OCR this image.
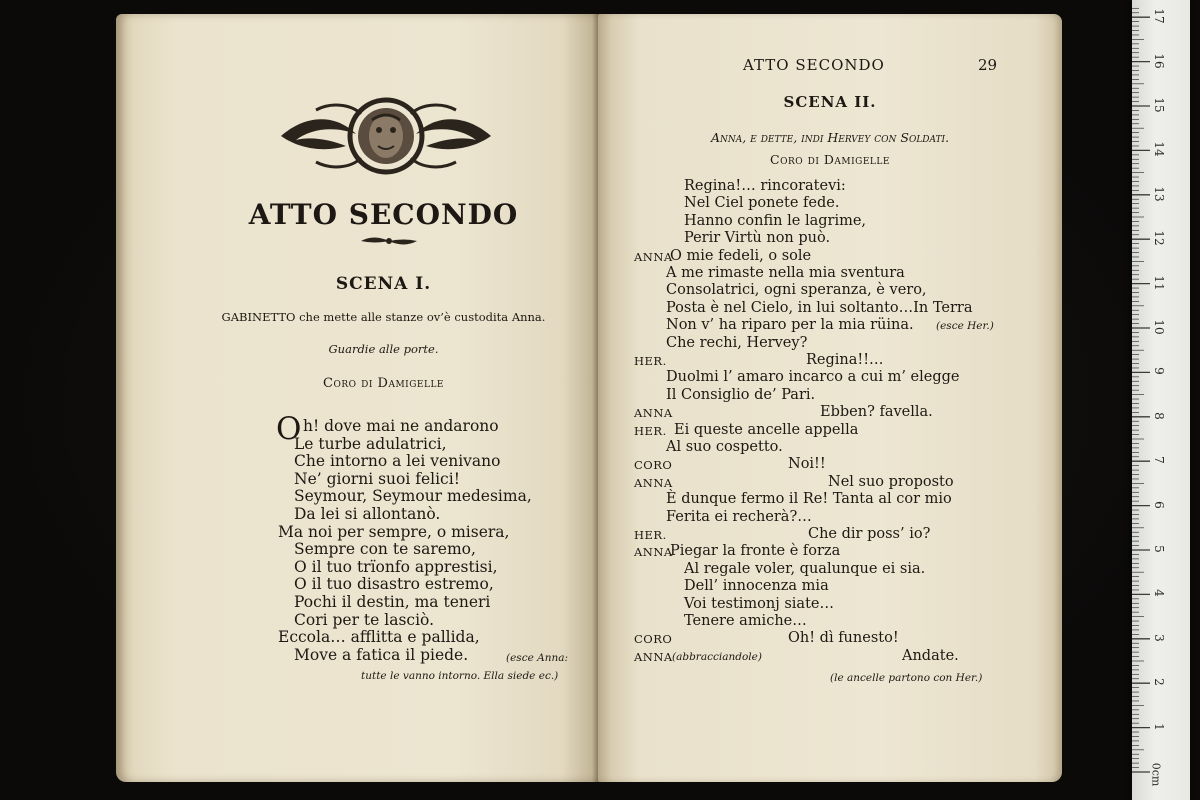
ATTO SECONDO
SCENA I.
GABINETTO che mette alle stanze ov’è custodita Anna.
Guardie alle porte.
Coro di Damigelle
O h! dove mai ne andarono
Le turbe adulatrici,
Che intorno a lei venivano
Ne’ giorni suoi felici!
Seymour, Seymour medesima,
Da lei si allontanò.
Ma noi per sempre, o misera,
Sempre con te saremo,
O il tuo trïonfo apprestisi,
O il tuo disastro estremo,
Pochi il destin, ma teneri
Cori per te lasciò.
Eccola… afflitta e pallida,
Move a fatica il piede.	(esce Anna:
tutte le vanno intorno. Ella siede ec.)
ATTO SECONDO	29
SCENA II.
Anna, e dette, indi Hervey con Soldati.
Coro di Damigelle
Regina!… rincoratevi:
Nel Ciel ponete fede.
Hanno confin le lagrime,
Perir Virtù non può.
ANNA
O mie fedeli, o sole
A me rimaste nella mia sventura
Consolatrici, ogni speranza, è vero,
Posta è nel Cielo, in lui soltanto…In Terra
Non v’ ha riparo per la mia rüina. (esce Her.)
Che rechi, Hervey?
HER.	Regina!!…
Duolmi l’ amaro incarco a cui m’ elegge
Il Consiglio de’ Pari.
ANNA	Ebben? favella.
HER. Ei queste ancelle appella
Al suo cospetto.
CORO	Noi!!
ANNA	Nel suo proposto
È dunque fermo il Re! Tanta al cor mio
Ferita ei recherà?…
HER.	Che dir poss’ io?
ANNA
Piegar la fronte è forza
Al regale voler, qualunque ei sia.
Dell’ innocenza mia
Voi testimonj siate…
Tenere amiche…
CORO	Oh! dì funesto!
ANNA	Andate.
(abbracciandole)
(le ancelle partono con Her.)
1
2
3
4
5
6
7
8
9
10
11
12
13
14
15
16
17
0cm
